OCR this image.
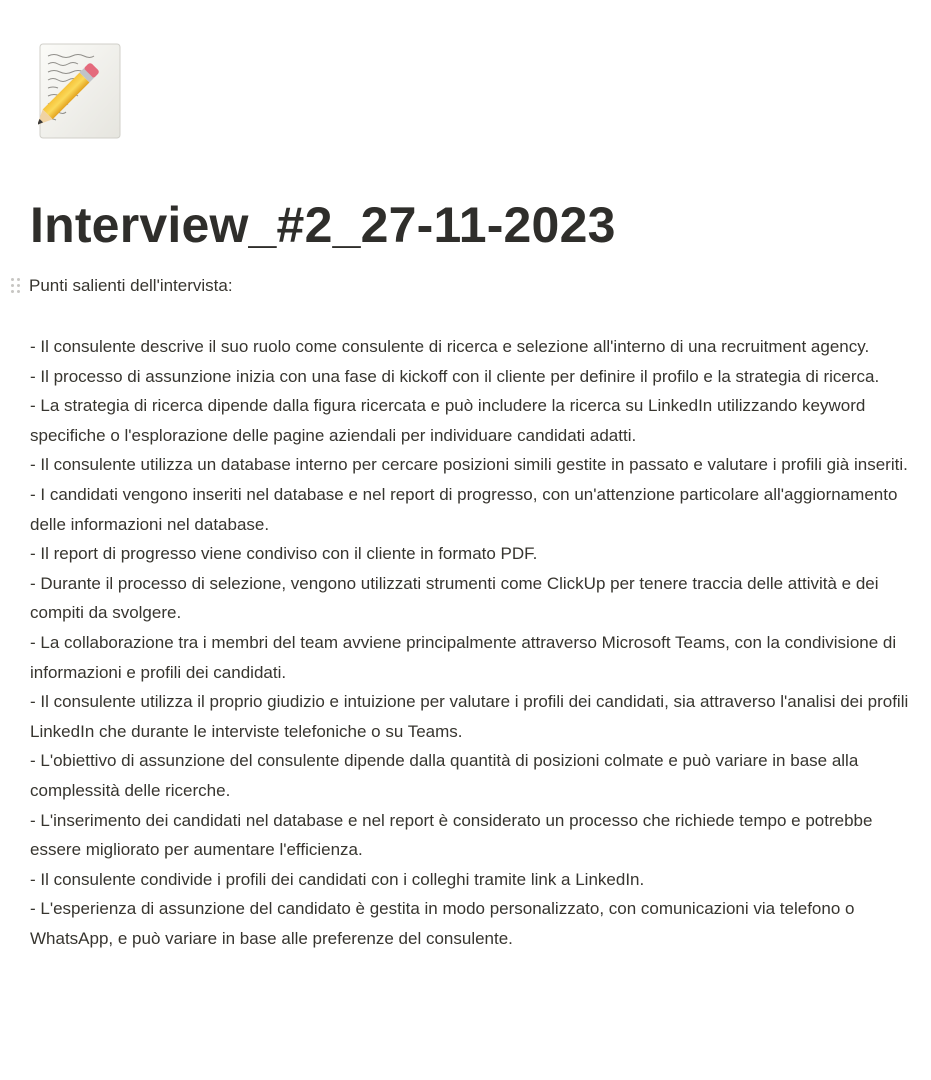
Interview_#2_27-11-2023
Punti salienti dell'intervista:
- Il consulente descrive il suo ruolo come consulente di ricerca e selezione all'interno di una recruitment agency.
- Il processo di assunzione inizia con una fase di kickoff con il cliente per definire il profilo e la strategia di ricerca.
- La strategia di ricerca dipende dalla figura ricercata e può includere la ricerca su LinkedIn utilizzando keyword specifiche o l'esplorazione delle pagine aziendali per individuare candidati adatti.
- Il consulente utilizza un database interno per cercare posizioni simili gestite in passato e valutare i profili già inseriti.
- I candidati vengono inseriti nel database e nel report di progresso, con un'attenzione particolare all'aggiornamento delle informazioni nel database.
- Il report di progresso viene condiviso con il cliente in formato PDF.
- Durante il processo di selezione, vengono utilizzati strumenti come ClickUp per tenere traccia delle attività e dei compiti da svolgere.
- La collaborazione tra i membri del team avviene principalmente attraverso Microsoft Teams, con la condivisione di informazioni e profili dei candidati.
- Il consulente utilizza il proprio giudizio e intuizione per valutare i profili dei candidati, sia attraverso l'analisi dei profili LinkedIn che durante le interviste telefoniche o su Teams.
- L'obiettivo di assunzione del consulente dipende dalla quantità di posizioni colmate e può variare in base alla complessità delle ricerche.
- L'inserimento dei candidati nel database e nel report è considerato un processo che richiede tempo e potrebbe essere migliorato per aumentare l'efficienza.
- Il consulente condivide i profili dei candidati con i colleghi tramite link a LinkedIn.
- L'esperienza di assunzione del candidato è gestita in modo personalizzato, con comunicazioni via telefono o WhatsApp, e può variare in base alle preferenze del consulente.
